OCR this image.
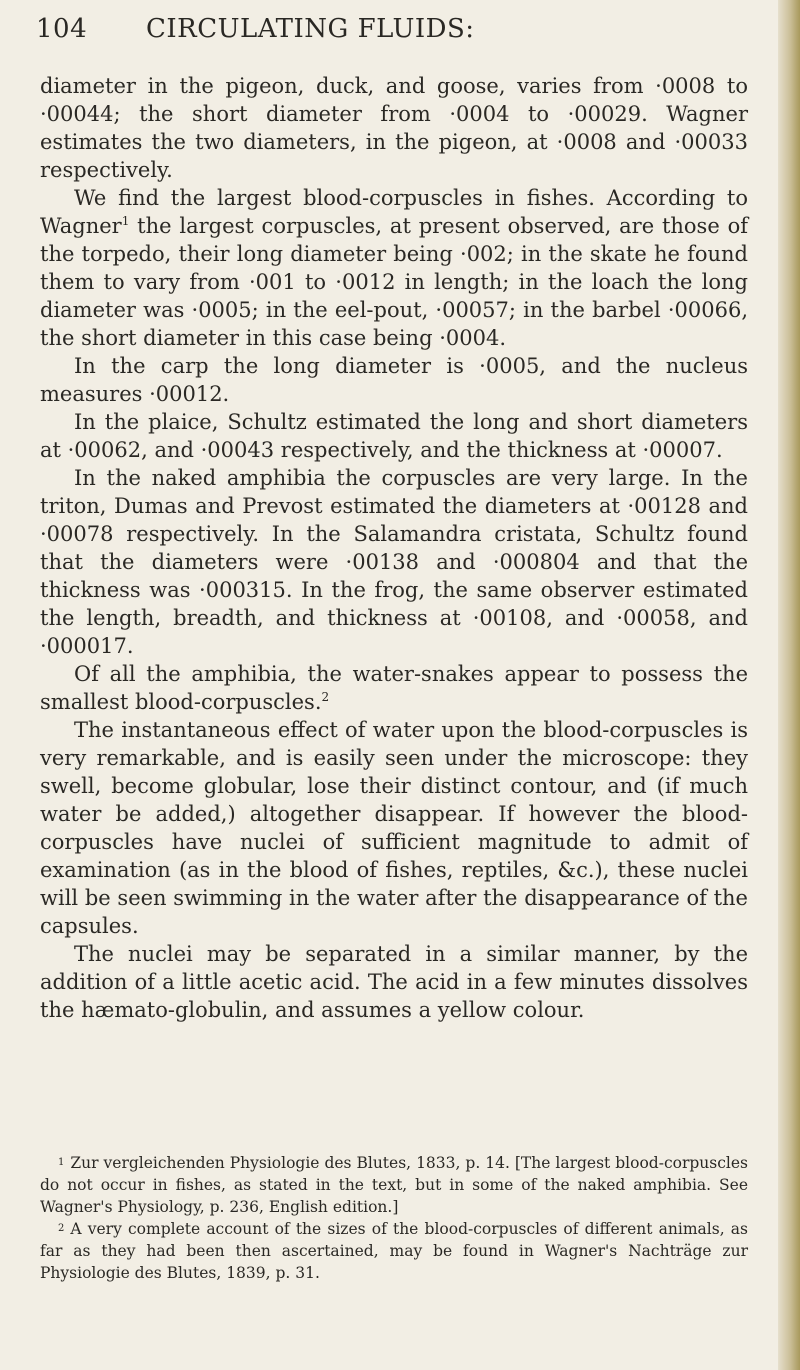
104 CIRCULATING FLUIDS:

diameter in the pigeon, duck, and goose, varies from ·0008 to ·00044; the short diameter from ·0004 to ·00029. Wagner estimates the two diameters, in the pigeon, at ·0008 and ·00033 respectively.

We find the largest blood-corpuscles in fishes. According to Wagner$^1$ the largest corpuscles, at present observed, are those of the torpedo, their long diameter being ·002; in the skate he found them to vary from ·001 to ·0012 in length; in the loach the long diameter was ·0005; in the eel-pout, ·00057; in the barbel ·00066, the short diameter in this case being ·0004.

In the carp the long diameter is ·0005, and the nucleus measures ·00012.

In the plaice, Schultz estimated the long and short diameters at ·00062, and ·00043 respectively, and the thickness at ·00007.

In the naked amphibia the corpuscles are very large. In the triton, Dumas and Prevost estimated the diameters at ·00128 and ·00078 respectively. In the Salamandra cristata, Schultz found that the diameters were ·00138 and ·000804 and that the thickness was ·000315. In the frog, the same observer estimated the length, breadth, and thickness at ·00108, and ·00058, and ·000017.

Of all the amphibia, the water-snakes appear to possess the smallest blood-corpuscles.$^2$

The instantaneous effect of water upon the blood-corpuscles is very remarkable, and is easily seen under the microscope: they swell, become globular, lose their distinct contour, and (if much water be added,) altogether disappear. If however the blood-corpuscles have nuclei of sufficient magnitude to admit of examination (as in the blood of fishes, reptiles, &c.), these nuclei will be seen swimming in the water after the disappearance of the capsules.

The nuclei may be separated in a similar manner, by the addition of a little acetic acid. The acid in a few minutes dissolves the hæmato-globulin, and assumes a yellow colour.

$^1$ Zur vergleichenden Physiologie des Blutes, 1833, p. 14. [The largest blood-corpuscles do not occur in fishes, as stated in the text, but in some of the naked amphibia. See Wagner's Physiology, p. 236, English edition.]

$^2$ A very complete account of the sizes of the blood-corpuscles of different animals, as far as they had been then ascertained, may be found in Wagner's Nachträge zur Physiologie des Blutes, 1839, p. 31.
